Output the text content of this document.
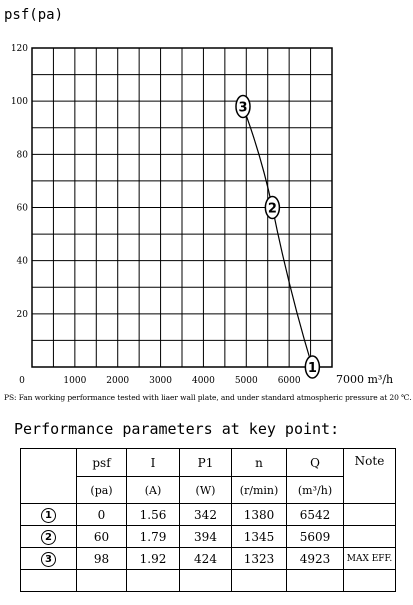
psf(pa)
20
40
60
80
100
120
0	1000 2000 3000 4000 5000 6000	7000 m³/h
3
2
1
PS: Fan working performance tested with liaer wall plate, and under standard atmospheric pressure at 20 ℃.
Performance parameters at key point:
	psf	I	P1	n	Q	Note
	(pa)	(A)	(W)	(r/min)	(m³/h)	
1	0	1.56	342	1380	6542	
2	60	1.79	394	1345	5609	
3	98	1.92	424	1323	4923	MAX EFF.
